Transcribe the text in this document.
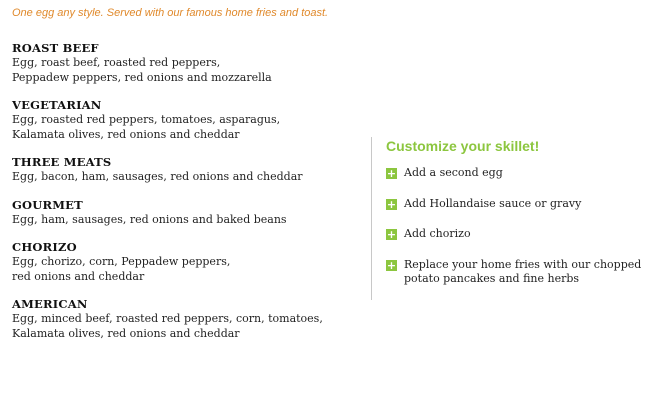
One egg any style. Served with our famous home fries and toast.
ROAST BEEF
Egg, roast beef, roasted red peppers,
Peppadew peppers, red onions and mozzarella
VEGETARIAN
Egg, roasted red peppers, tomatoes, asparagus,
Kalamata olives, red onions and cheddar
THREE MEATS
Egg, bacon, ham, sausages, red onions and cheddar
GOURMET
Egg, ham, sausages, red onions and baked beans
CHORIZO
Egg, chorizo, corn, Peppadew peppers,
red onions and cheddar
AMERICAN
Egg, minced beef, roasted red peppers, corn, tomatoes,
Kalamata olives, red onions and cheddar
Customize your skillet!
+ Add a second egg
+ Add Hollandaise sauce or gravy
+ Add chorizo
+ Replace your home fries with our chopped
potato pancakes and fine herbs
